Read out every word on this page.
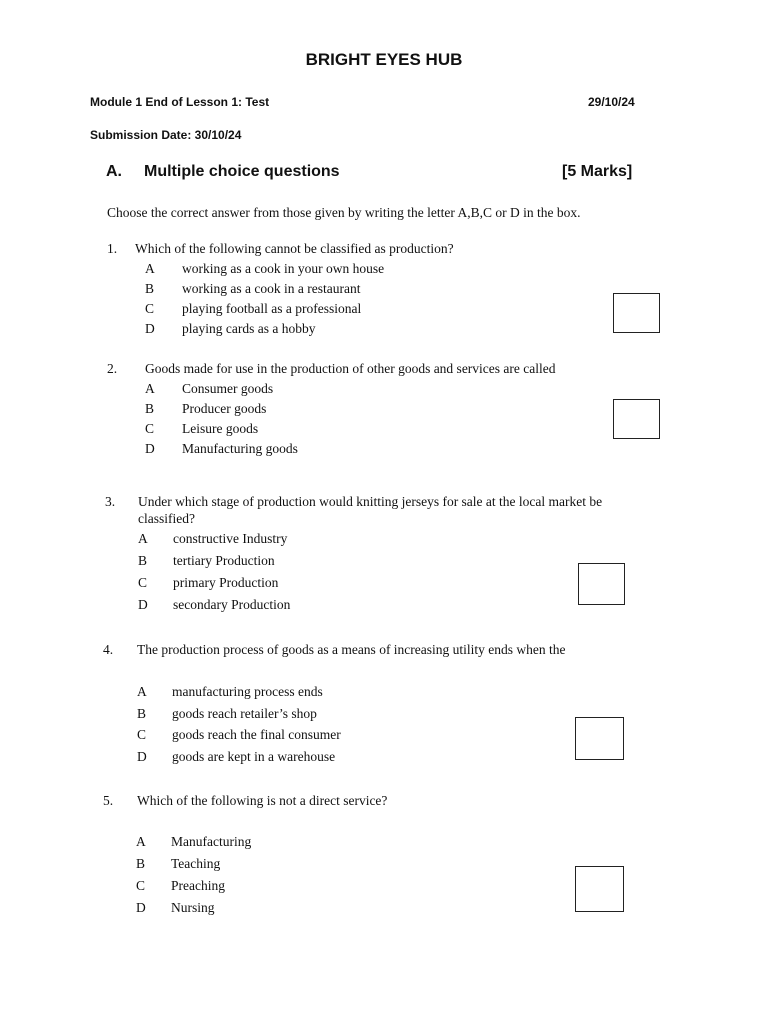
BRIGHT EYES HUB
Module 1 End of Lesson 1: Test	29/10/24
Submission Date: 30/10/24
A. Multiple choice questions	[5 Marks]
Choose the correct answer from those given by writing the letter A,B,C or D in the box.
1. Which of the following cannot be classified as production?
A working as a cook in your own house
B working as a cook in a restaurant
C playing football as a professional
D playing cards as a hobby
2. Goods made for use in the production of other goods and services are called
A Consumer goods
B Producer goods
C Leisure goods
D Manufacturing goods
3. Under which stage of production would knitting jerseys for sale at the local market be classified?
A constructive Industry
B tertiary Production
C primary Production
D secondary Production
4. The production process of goods as a means of increasing utility ends when the
A manufacturing process ends
B goods reach retailer’s shop
C goods reach the final consumer
D goods are kept in a warehouse
5. Which of the following is not a direct service?
A Manufacturing
B Teaching
C Preaching
D Nursing
